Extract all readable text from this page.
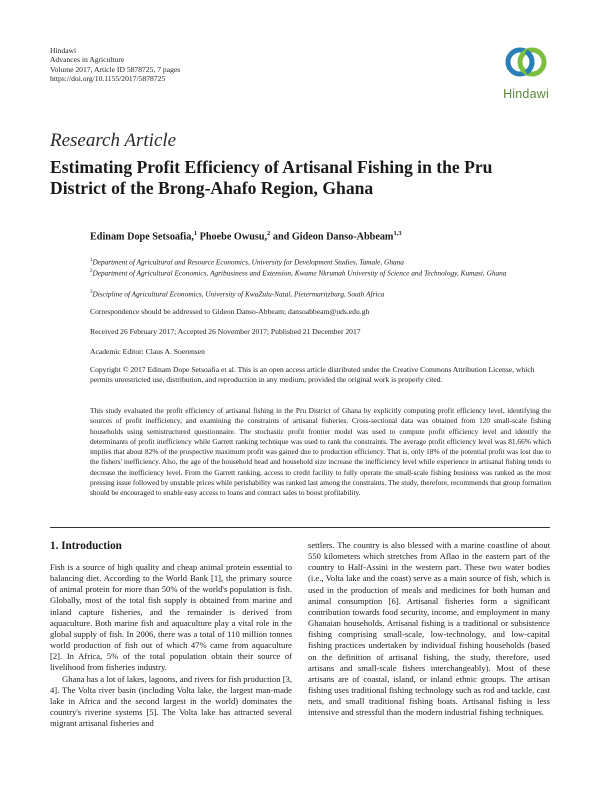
Hindawi
Advances in Agriculture
Volume 2017, Article ID 5878725, 7 pages
https://doi.org/10.1155/2017/5878725
Hindawi
Research Article
Estimating Profit Efficiency of Artisanal Fishing in the Pru District of the Brong-Ahafo Region, Ghana
Edinam Dope Setsoafia,$^1$ Phoebe Owusu,$^2$ and Gideon Danso-Abbeam$^{1,3}$
$^1$Department of Agricultural and Resource Economics, University for Development Studies, Tamale, Ghana
$^2$Department of Agricultural Economics, Agribusiness and Extension, Kwame Nkrumah University of Science and Technology, Kumasi, Ghana
$^3$Discipline of Agricultural Economics, University of KwaZulu-Natal, Pietermaritzburg, South Africa
Correspondence should be addressed to Gideon Danso-Abbeam; dansoabbeam@uds.edu.gh
Received 26 February 2017; Accepted 26 November 2017; Published 21 December 2017
Academic Editor: Claus A. Soerensen
Copyright © 2017 Edinam Dope Setsoafia et al. This is an open access article distributed under the Creative Commons Attribution License, which permits unrestricted use, distribution, and reproduction in any medium, provided the original work is properly cited.
This study evaluated the profit efficiency of artisanal fishing in the Pru District of Ghana by explicitly computing profit efficiency level, identifying the sources of profit inefficiency, and examining the constraints of artisanal fisheries. Cross-sectional data was obtained from 120 small-scale fishing households using semistructured questionnaire. The stochastic profit frontier model was used to compute profit efficiency level and identify the determinants of profit inefficiency while Garrett ranking technique was used to rank the constraints. The average profit efficiency level was 81.66% which implies that about 82% of the prospective maximum profit was gained due to production efficiency. That is, only 18% of the potential profit was lost due to the fishers' inefficiency. Also, the age of the household head and household size increase the inefficiency level while experience in artisanal fishing tends to decrease the inefficiency level. From the Garrett ranking, access to credit facility to fully operate the small-scale fishing business was ranked as the most pressing issue followed by unstable prices while perishability was ranked last among the constraints. The study, therefore, recommends that group formation should be encouraged to enable easy access to loans and contract sales to boost profitability.
1. Introduction

Fish is a source of high quality and cheap animal protein essential to balancing diet. According to the World Bank [1], the primary source of animal protein for more than 50% of the world's population is fish. Globally, most of the total fish supply is obtained from marine and inland capture fisheries, and the remainder is derived from aquaculture. Both marine fish and aquaculture play a vital role in the global supply of fish. In 2006, there was a total of 110 million tonnes world production of fish out of which 47% came from aquaculture [2]. In Africa, 5% of the total population obtain their source of livelihood from fisheries industry.

Ghana has a lot of lakes, lagoons, and rivers for fish production [3, 4]. The Volta river basin (including Volta lake, the largest man-made lake in Africa and the second largest in the world) dominates the country's riverine systems [5]. The Volta lake has attracted several migrant artisanal fisheries and

settlers. The country is also blessed with a marine coastline of about 550 kilometers which stretches from Aflao in the eastern part of the country to Half-Assini in the western part. These two water bodies (i.e., Volta lake and the coast) serve as a main source of fish, which is used in the production of meals and medicines for both human and animal consumption [6]. Artisanal fisheries form a significant contribution towards food security, income, and employment in many Ghanaian households. Artisanal fishing is a traditional or subsistence fishing comprising small-scale, low-technology, and low-capital fishing practices undertaken by individual fishing households (based on the definition of artisanal fishing, the study, therefore, used artisans and small-scale fishers interchangeably). Most of these artisans are of coastal, island, or inland ethnic groups. The artisan fishing uses traditional fishing technology such as rod and tackle, cast nets, and small traditional fishing boats. Artisanal fishing is less intensive and stressful than the modern industrial fishing techniques.
